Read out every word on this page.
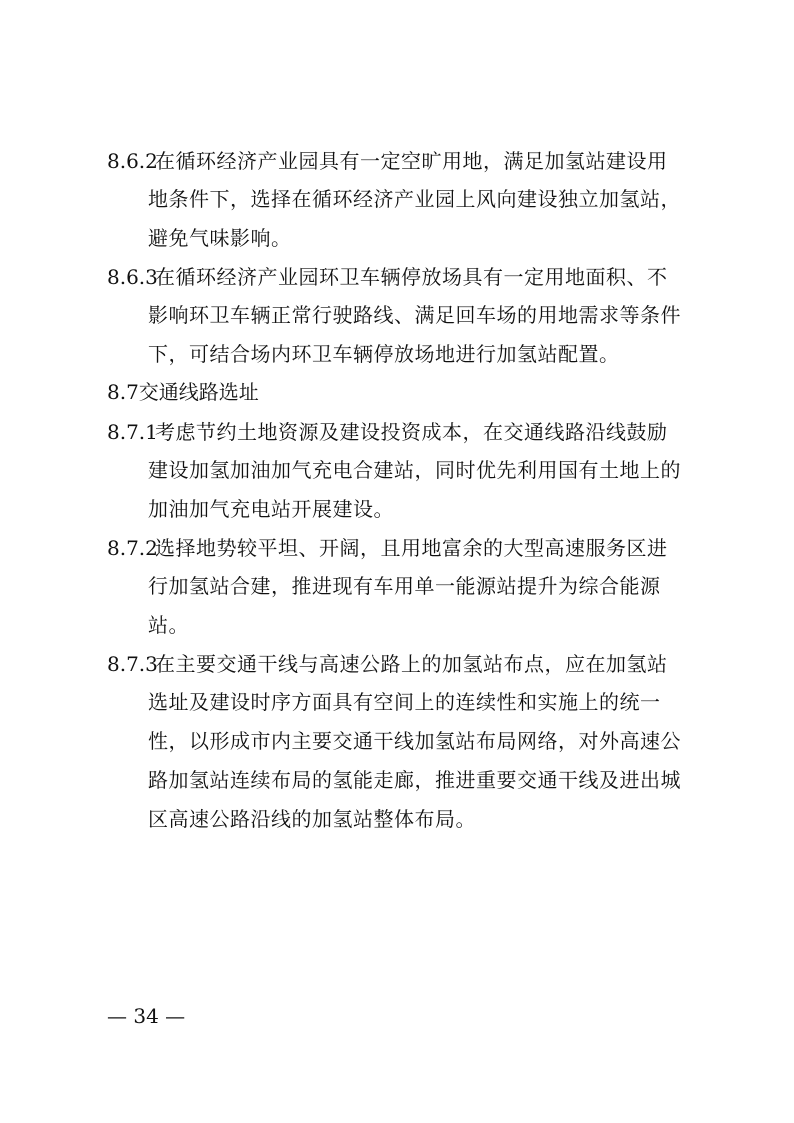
8.6.2
在循环经济产业园具有一定空旷用地，满足加氢站建设用
地条件下，选择在循环经济产业园上风向建设独立加氢站，
避免气味影响。
8.6.3
在循环经济产业园环卫车辆停放场具有一定用地面积、不
影响环卫车辆正常行驶路线、满足回车场的用地需求等条件
下，可结合场内环卫车辆停放场地进行加氢站配置。
8.7交通线路选址
8.7.1
考虑节约土地资源及建设投资成本，在交通线路沿线鼓励
建设加氢加油加气充电合建站，同时优先利用国有土地上的
加油加气充电站开展建设。
8.7.2
选择地势较平坦、开阔，且用地富余的大型高速服务区进
行加氢站合建，推进现有车用单一能源站提升为综合能源
站。
8.7.3
在主要交通干线与高速公路上的加氢站布点，应在加氢站
选址及建设时序方面具有空间上的连续性和实施上的统一
性，以形成市内主要交通干线加氢站布局网络，对外高速公
路加氢站连续布局的氢能走廊，推进重要交通干线及进出城
区高速公路沿线的加氢站整体布局。
— 34 —
